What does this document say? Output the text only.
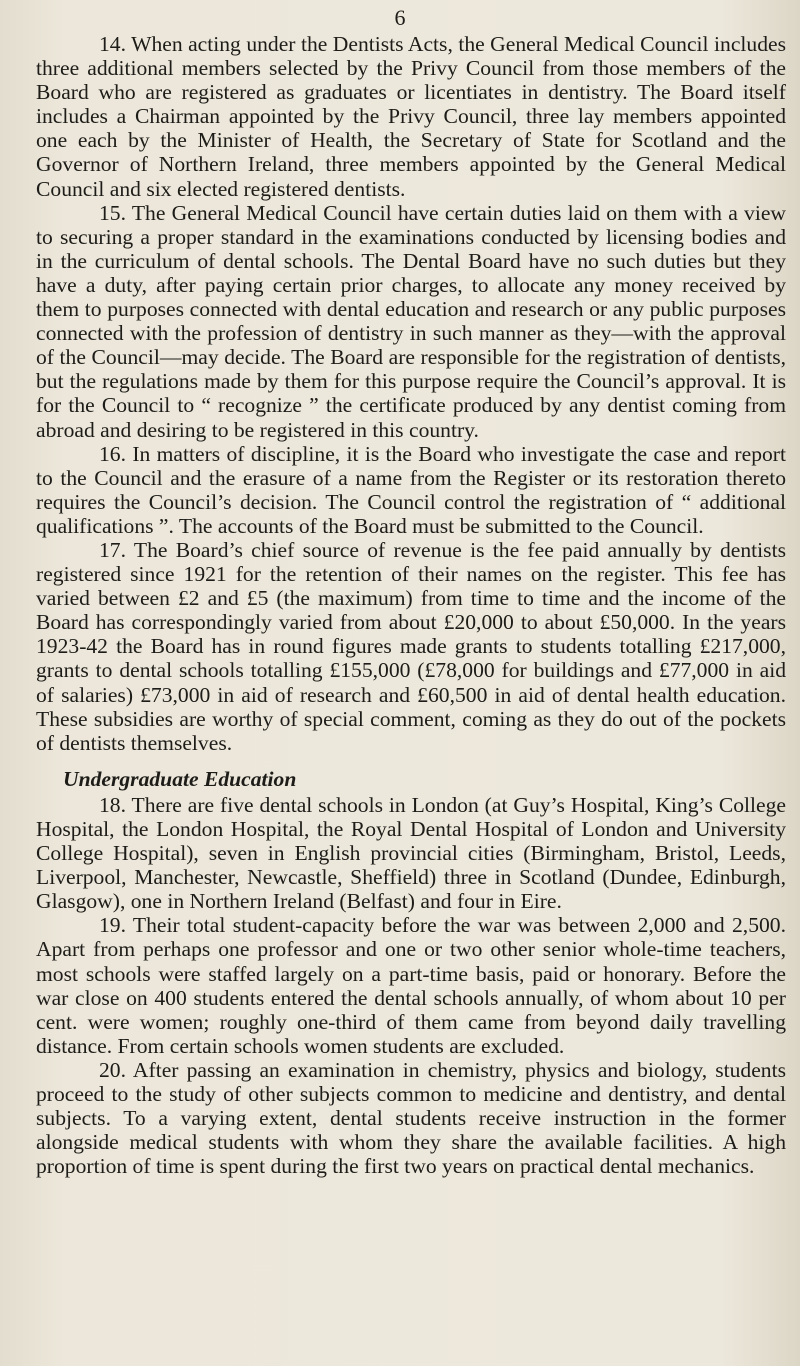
6

14. When acting under the Dentists Acts, the General Medical Council includes three additional members selected by the Privy Council from those members of the Board who are registered as graduates or licentiates in dentistry. The Board itself includes a Chairman appointed by the Privy Council, three lay members appointed one each by the Minister of Health, the Secretary of State for Scotland and the Governor of Northern Ireland, three members appointed by the General Medical Council and six elected registered dentists.

15. The General Medical Council have certain duties laid on them with a view to securing a proper standard in the examinations conducted by licensing bodies and in the curriculum of dental schools. The Dental Board have no such duties but they have a duty, after paying certain prior charges, to allocate any money received by them to purposes connected with dental education and research or any public purposes connected with the profession of dentistry in such manner as they—with the approval of the Council—may decide. The Board are responsible for the registration of dentists, but the regulations made by them for this purpose require the Council’s approval. It is for the Council to “ recognize ” the certificate produced by any dentist coming from abroad and desiring to be registered in this country.

16. In matters of discipline, it is the Board who investigate the case and report to the Council and the erasure of a name from the Register or its restoration thereto requires the Council’s decision. The Council control the registration of “ additional qualifications ”. The accounts of the Board must be submitted to the Council.

17. The Board’s chief source of revenue is the fee paid annually by dentists registered since 1921 for the retention of their names on the register. This fee has varied between £2 and £5 (the maximum) from time to time and the income of the Board has correspondingly varied from about £20,000 to about £50,000. In the years 1923-42 the Board has in round figures made grants to students totalling £217,000, grants to dental schools totalling £155,000 (£78,000 for buildings and £77,000 in aid of salaries) £73,000 in aid of research and £60,500 in aid of dental health education. These subsidies are worthy of special comment, coming as they do out of the pockets of dentists themselves.

Undergraduate Education

18. There are five dental schools in London (at Guy’s Hospital, King’s College Hospital, the London Hospital, the Royal Dental Hospital of London and University College Hospital), seven in English provincial cities (Birmingham, Bristol, Leeds, Liverpool, Manchester, Newcastle, Sheffield) three in Scotland (Dundee, Edinburgh, Glasgow), one in Northern Ireland (Belfast) and four in Eire.

19. Their total student-capacity before the war was between 2,000 and 2,500. Apart from perhaps one professor and one or two other senior whole-time teachers, most schools were staffed largely on a part-time basis, paid or honorary. Before the war close on 400 students entered the dental schools annually, of whom about 10 per cent. were women; roughly one-third of them came from beyond daily travelling distance. From certain schools women students are excluded.

20. After passing an examination in chemistry, physics and biology, students proceed to the study of other subjects common to medicine and dentistry, and dental subjects. To a varying extent, dental students receive instruction in the former alongside medical students with whom they share the available facilities. A high proportion of time is spent during the first two years on practical dental mechanics.
